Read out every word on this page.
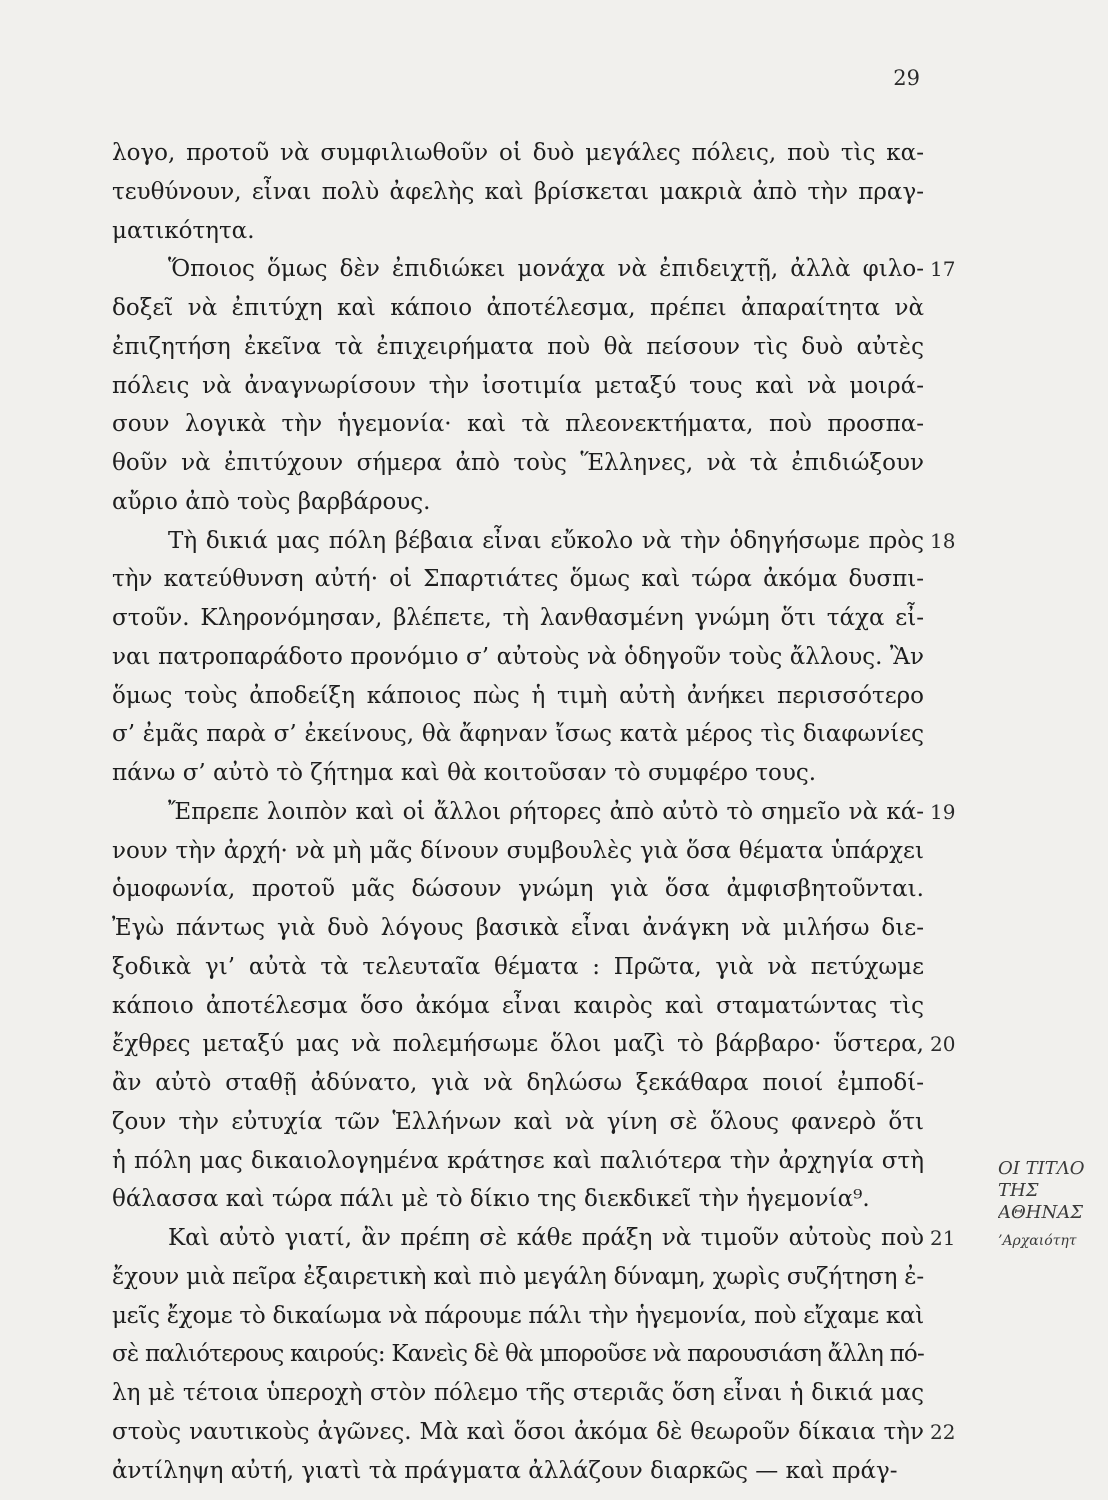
29
λογο, προτοῦ νὰ συμφιλιωθοῦν οἱ δυὸ μεγάλες πόλεις, ποὺ τὶς κα-
τευθύνουν, εἶναι πολὺ ἀφελὴς καὶ βρίσκεται μακριὰ ἀπὸ τὴν πραγ-
ματικότητα.
Ὅποιος ὅμως δὲν ἐπιδιώκει μονάχα νὰ ἐπιδειχτῇ, ἀλλὰ φιλο- 17
δοξεῖ νὰ ἐπιτύχη καὶ κάποιο ἀποτέλεσμα, πρέπει ἀπαραίτητα νὰ
ἐπιζητήση ἐκεῖνα τὰ ἐπιχειρήματα ποὺ θὰ πείσουν τὶς δυὸ αὐτὲς
πόλεις νὰ ἀναγνωρίσουν τὴν ἰσοτιμία μεταξύ τους καὶ νὰ μοιρά-
σουν λογικὰ τὴν ἡγεμονία· καὶ τὰ πλεονεκτήματα, ποὺ προσπα-
θοῦν νὰ ἐπιτύχουν σήμερα ἀπὸ τοὺς Ἕλληνες, νὰ τὰ ἐπιδιώξουν
αὔριο ἀπὸ τοὺς βαρβάρους.
Τὴ δικιά μας πόλη βέβαια εἶναι εὔκολο νὰ τὴν ὁδηγήσωμε πρὸς 18
τὴν κατεύθυνση αὐτή· οἱ Σπαρτιάτες ὅμως καὶ τώρα ἀκόμα δυσπι-
στοῦν. Κληρονόμησαν, βλέπετε, τὴ λανθασμένη γνώμη ὅτι τάχα εἶ-
ναι πατροπαράδοτο προνόμιο σ’ αὐτοὺς νὰ ὁδηγοῦν τοὺς ἄλλους. Ἂν
ὅμως τοὺς ἀποδείξη κάποιος πὼς ἡ τιμὴ αὐτὴ ἀνήκει περισσότερο
σ’ ἐμᾶς παρὰ σ’ ἐκείνους, θὰ ἄφηναν ἴσως κατὰ μέρος τὶς διαφωνίες
πάνω σ’ αὐτὸ τὸ ζήτημα καὶ θὰ κοιτοῦσαν τὸ συμφέρο τους.
Ἔπρεπε λοιπὸν καὶ οἱ ἄλλοι ρήτορες ἀπὸ αὐτὸ τὸ σημεῖο νὰ κά- 19
νουν τὴν ἀρχή· νὰ μὴ μᾶς δίνουν συμβουλὲς γιὰ ὅσα θέματα ὑπάρχει
ὁμοφωνία, προτοῦ μᾶς δώσουν γνώμη γιὰ ὅσα ἀμφισβητοῦνται.
Ἐγὼ πάντως γιὰ δυὸ λόγους βασικὰ εἶναι ἀνάγκη νὰ μιλήσω διε-
ξοδικὰ γι’ αὐτὰ τὰ τελευταῖα θέματα : Πρῶτα, γιὰ νὰ πετύχωμε
κάποιο ἀποτέλεσμα ὅσο ἀκόμα εἶναι καιρὸς καὶ σταματώντας τὶς
ἔχθρες μεταξύ μας νὰ πολεμήσωμε ὅλοι μαζὶ τὸ βάρβαρο· ὕστερα, 20
ἂν αὐτὸ σταθῇ ἀδύνατο, γιὰ νὰ δηλώσω ξεκάθαρα ποιοί ἐμποδί-
ζουν τὴν εὐτυχία τῶν Ἑλλήνων καὶ νὰ γίνη σὲ ὅλους φανερὸ ὅτι
ἡ πόλη μας δικαιολογημένα κράτησε καὶ παλιότερα τὴν ἀρχηγία στὴ
θάλασσα καὶ τώρα πάλι μὲ τὸ δίκιο της διεκδικεῖ τὴν ἡγεμονία⁹.
Καὶ αὐτὸ γιατί, ἂν πρέπη σὲ κάθε πράξη νὰ τιμοῦν αὐτοὺς ποὺ 21
ἔχουν μιὰ πεῖρα ἐξαιρετικὴ καὶ πιὸ μεγάλη δύναμη, χωρὶς συζήτηση ἐ-
μεῖς ἔχομε τὸ δικαίωμα νὰ πάρουμε πάλι τὴν ἡγεμονία, ποὺ εἴχαμε καὶ
σὲ παλιότερους καιρούς: Κανεὶς δὲ θὰ μποροῦσε νὰ παρουσιάση ἄλλη πό-
λη μὲ τέτοια ὑπεροχὴ στὸν πόλεμο τῆς στεριᾶς ὅση εἶναι ἡ δικιά μας
στοὺς ναυτικοὺς ἀγῶνες. Μὰ καὶ ὅσοι ἀκόμα δὲ θεωροῦν δίκαια τὴν 22
ἀντίληψη αὐτή, γιατὶ τὰ πράγματα ἀλλάζουν διαρκῶς — καὶ πράγ-
ΟΙ ΤΙΤΛΟ
ΤΗΣ
ΑΘΗΝΑΣ
’Αρχαιότητ
